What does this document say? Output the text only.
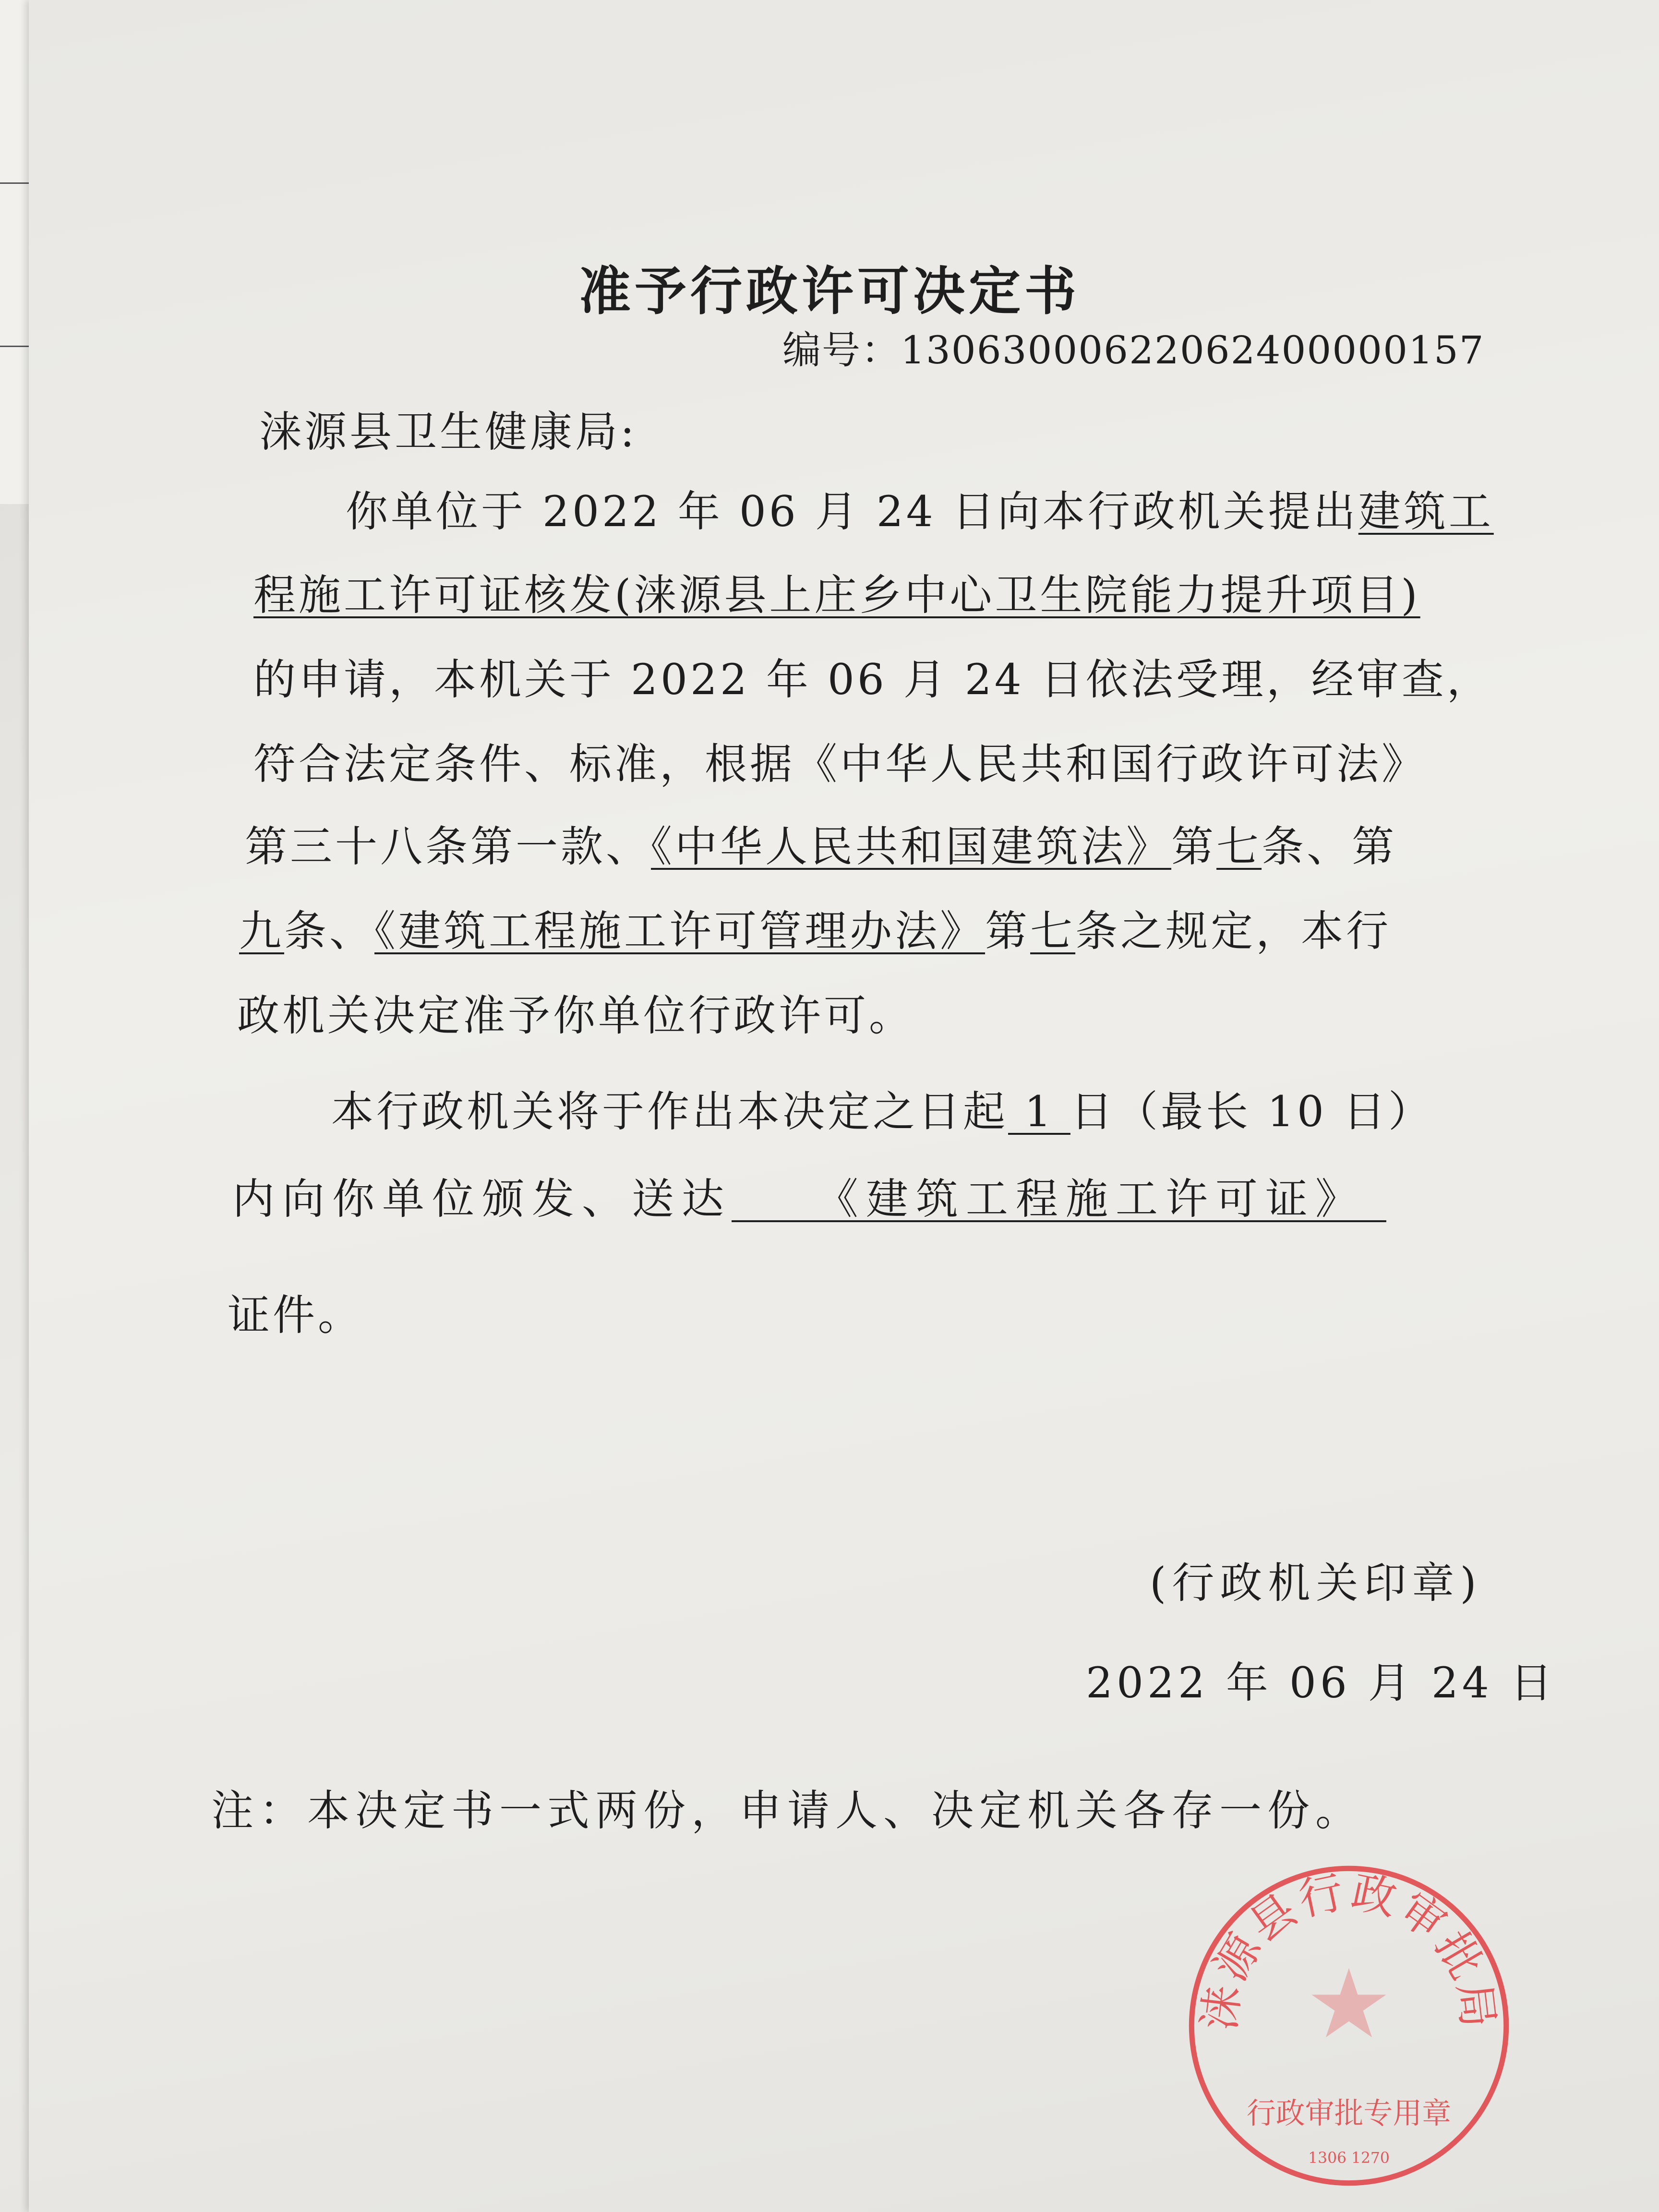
准予行政许可决定书
编号：13063000622062400000157
涞源县卫生健康局:
你单位于 2022 年 06 月 24 日向本行政机关提出建筑工
程施工许可证核发(涞源县上庄乡中心卫生院能力提升项目)
的申请，本机关于 2022 年 06 月 24 日依法受理，经审查，
符合法定条件、标准，根据《中华人民共和国行政许可法》
第三十八条第一款、《中华人民共和国建筑法》第七条、第
九条、《建筑工程施工许可管理办法》第七条之规定，本行
政机关决定准予你单位行政许可。
本行政机关将于作出本决定之日起 1 日（最长 10 日）
内向你单位颁发、送达    《建筑工程施工许可证》
证件。
(行政机关印章)
2022 年 06 月 24 日
注：本决定书一式两份，申请人、决定机关各存一份。
涞源县行政审批局
行政审批专用章
1306 1270
